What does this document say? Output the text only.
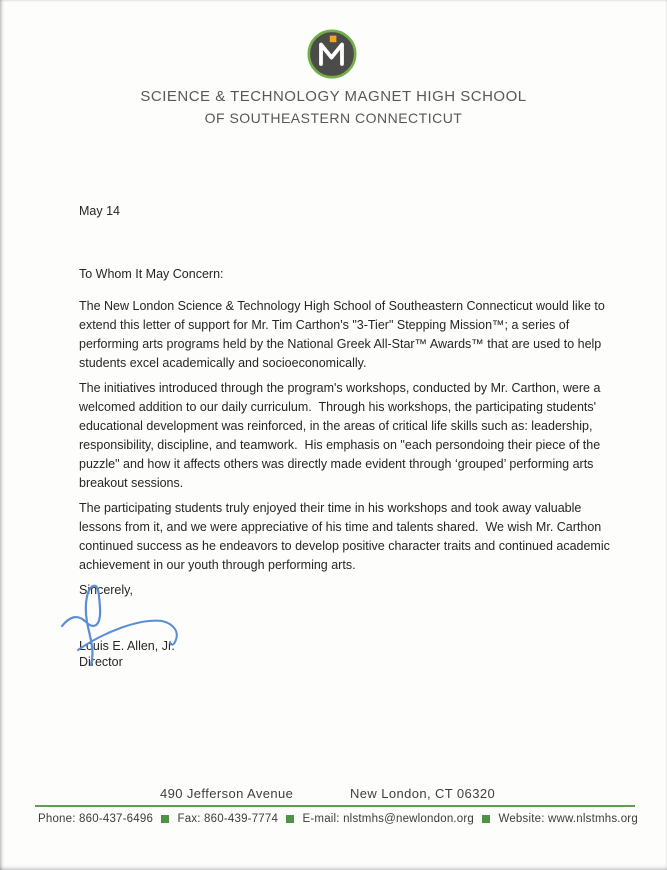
SCIENCE & TECHNOLOGY MAGNET HIGH SCHOOL
OF SOUTHEASTERN CONNECTICUT
May 14
To Whom It May Concern:

The New London Science & Technology High School of Southeastern Connecticut would like to extend this letter of support for Mr. Tim Carthon's "3-Tier" Stepping Mission™; a series of performing arts programs held by the National Greek All-Star™ Awards™ that are used to help students excel academically and socioeconomically.

The initiatives introduced through the program's workshops, conducted by Mr. Carthon, were a welcomed addition to our daily curriculum.  Through his workshops, the participating students' educational development was reinforced, in the areas of critical life skills such as: leadership, responsibility, discipline, and teamwork.  His emphasis on "each persondoing their piece of the puzzle" and how it affects others was directly made evident through ‘grouped’ performing arts breakout sessions.

The participating students truly enjoyed their time in his workshops and took away valuable lessons from it, and we were appreciative of his time and talents shared.  We wish Mr. Carthon continued success as he endeavors to develop positive character traits and continued academic achievement in our youth through performing arts.

Sincerely,
Louis E. Allen, Jr.
Director
490 Jefferson Avenue	New London, CT 06320
Phone: 860-437-6496 Fax: 860-439-7774 E-mail: nlstmhs@newlondon.org Website: www.nlstmhs.org
